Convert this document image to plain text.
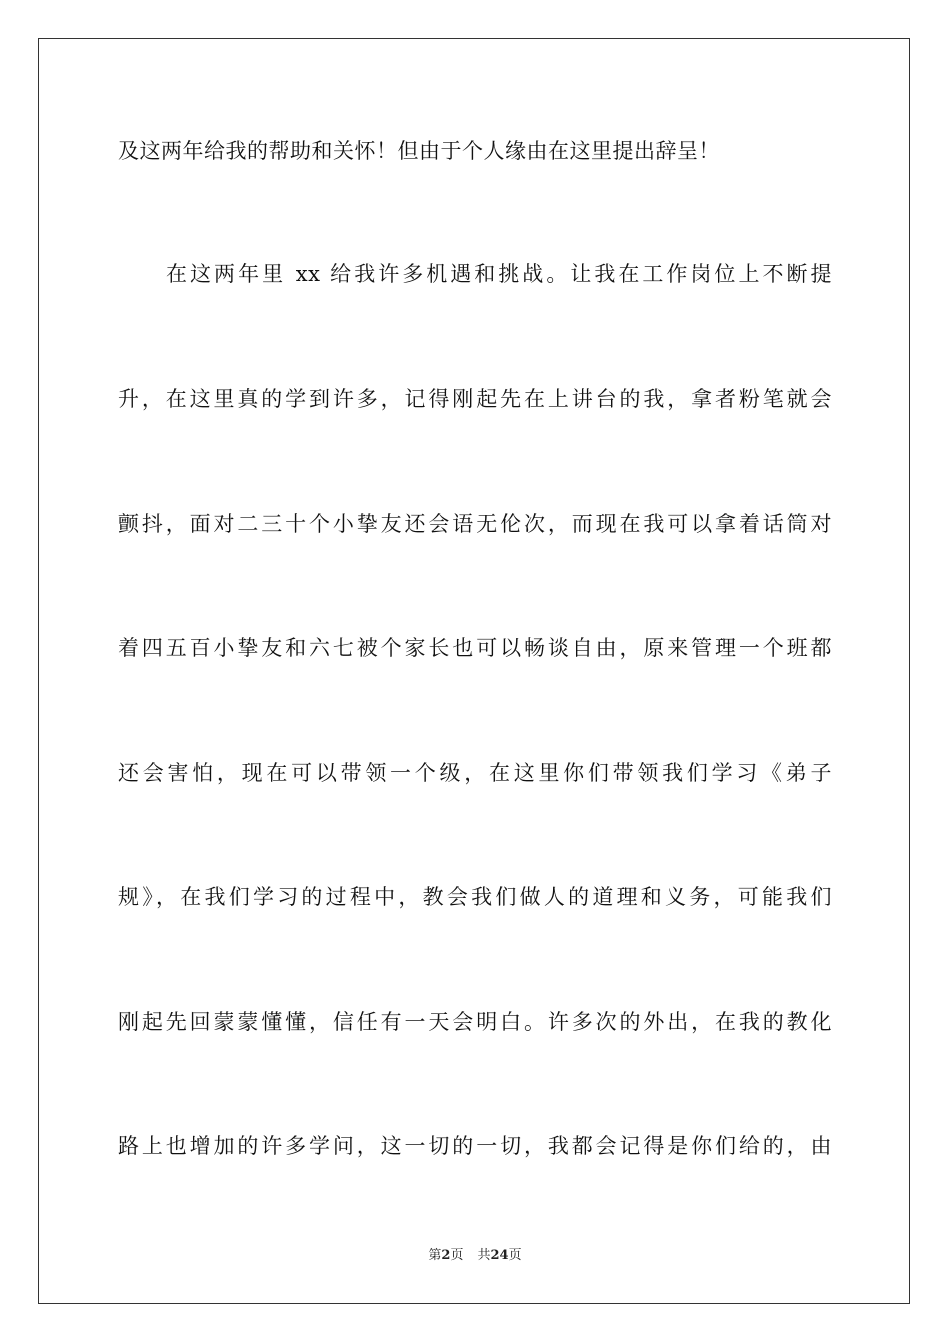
及这两年给我的帮助和关怀！但由于个人缘由在这里提出辞呈！
　　在这两年里 xx 给我许多机遇和挑战。让我在工作岗位上不断提
升，在这里真的学到许多，记得刚起先在上讲台的我，拿者粉笔就会
颤抖，面对二三十个小挚友还会语无伦次，而现在我可以拿着话筒对
着四五百小挚友和六七被个家长也可以畅谈自由，原来管理一个班都
还会害怕，现在可以带领一个级，在这里你们带领我们学习《弟子
规》，在我们学习的过程中，教会我们做人的道理和义务，可能我们
刚起先回蒙蒙懂懂，信任有一天会明白。许多次的外出，在我的教化
路上也增加的许多学问，这一切的一切，我都会记得是你们给的，由
第2页 共24页
